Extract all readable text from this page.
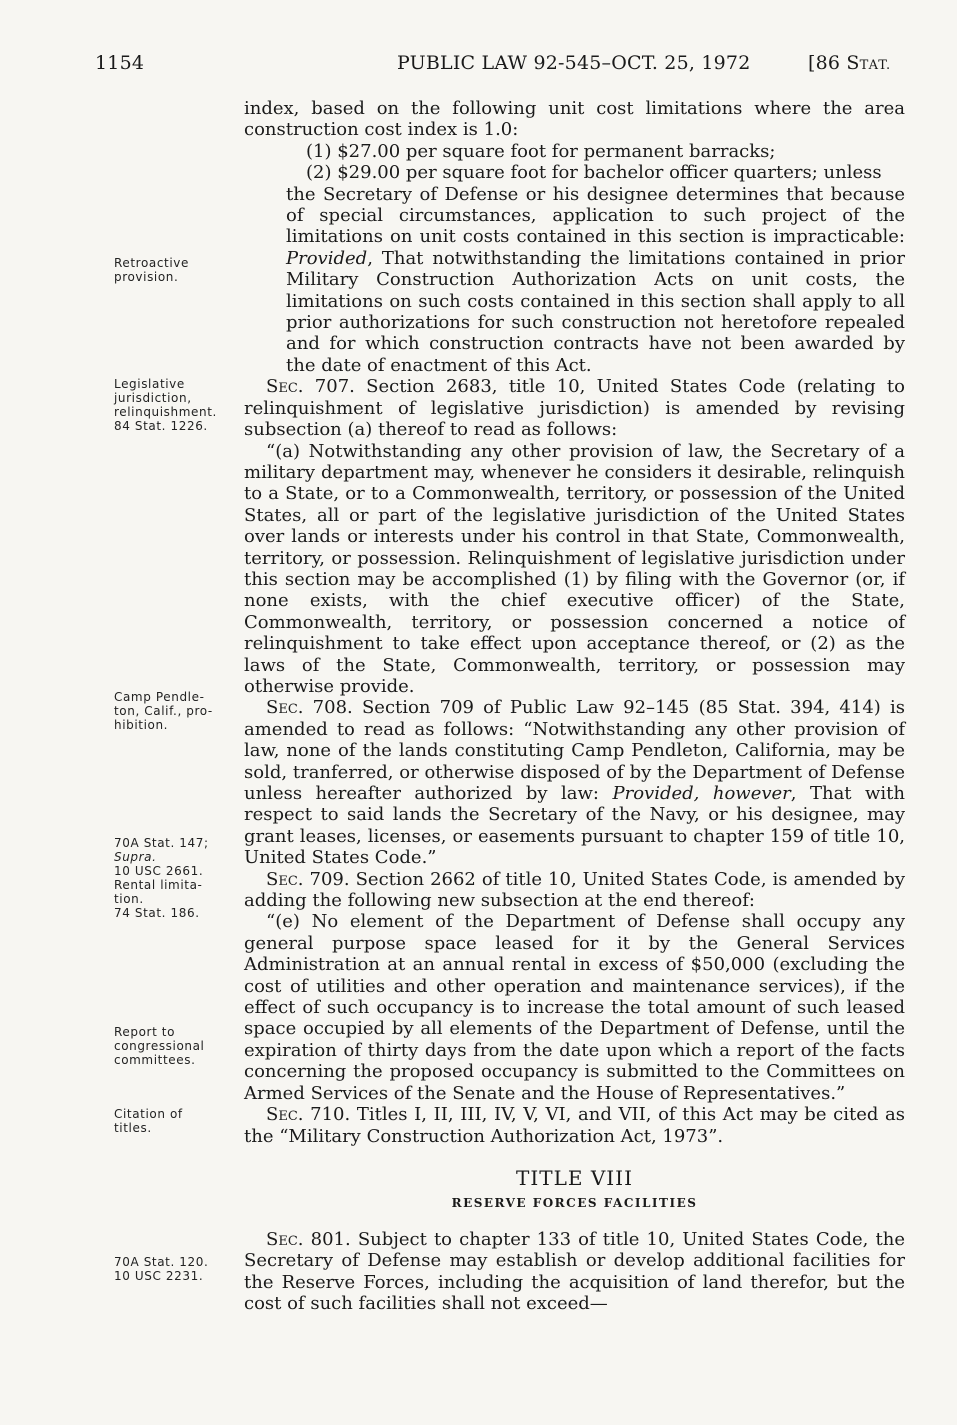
1154	PUBLIC LAW 92-545–OCT. 25, 1972	[86 STAT.
Retroactive
provision.
Legislative
jurisdiction,
relinquishment.
84 Stat. 1226.
Camp Pendle-
ton, Calif., pro-
hibition.
70A Stat. 147;
Supra.
10 USC 2661.
Rental limita-
tion.
74 Stat. 186.
Report to
congressional
committees.
Citation of
titles.
70A Stat. 120.
10 USC 2231.

index, based on the following unit cost limitations where the area construction cost index is 1.0:

(1) $27.00 per square foot for permanent barracks;

(2) $29.00 per square foot for bachelor officer quarters; unless

the Secretary of Defense or his designee determines that because of special circumstances, application to such project of the limitations on unit costs contained in this section is impracticable: Provided, That notwithstanding the limitations contained in prior Military Construction Authorization Acts on unit costs, the limitations on such costs contained in this section shall apply to all prior authorizations for such construction not heretofore repealed and for which construction contracts have not been awarded by the date of enactment of this Act.

Sec. 707. Section 2683, title 10, United States Code (relating to relinquishment of legislative jurisdiction) is amended by revising subsection (a) thereof to read as follows:

“(a) Notwithstanding any other provision of law, the Secretary of a military department may, whenever he considers it desirable, relinquish to a State, or to a Commonwealth, territory, or possession of the United States, all or part of the legislative jurisdiction of the United States over lands or interests under his control in that State, Commonwealth, territory, or possession. Relinquishment of legislative jurisdiction under this section may be accomplished (1) by filing with the Governor (or, if none exists, with the chief executive officer) of the State, Commonwealth, territory, or possession concerned a notice of relinquishment to take effect upon acceptance thereof, or (2) as the laws of the State, Commonwealth, territory, or possession may otherwise provide.

Sec. 708. Section 709 of Public Law 92–145 (85 Stat. 394, 414) is amended to read as follows: “Notwithstanding any other provision of law, none of the lands constituting Camp Pendleton, California, may be sold, tranferred, or otherwise disposed of by the Department of Defense unless hereafter authorized by law: Provided, however, That with respect to said lands the Secretary of the Navy, or his designee, may grant leases, licenses, or easements pursuant to chapter 159 of title 10, United States Code.”

Sec. 709. Section 2662 of title 10, United States Code, is amended by adding the following new subsection at the end thereof:

“(e) No element of the Department of Defense shall occupy any general purpose space leased for it by the General Services Administration at an annual rental in excess of $50,000 (excluding the cost of utilities and other operation and maintenance services), if the effect of such occupancy is to increase the total amount of such leased space occupied by all elements of the Department of Defense, until the expiration of thirty days from the date upon which a report of the facts concerning the proposed occupancy is submitted to the Committees on Armed Services of the Senate and the House of Representatives.”

Sec. 710. Titles I, II, III, IV, V, VI, and VII, of this Act may be cited as the “Military Construction Authorization Act, 1973”.

TITLE VIII
RESERVE FORCES FACILITIES

Sec. 801. Subject to chapter 133 of title 10, United States Code, the Secretary of Defense may establish or develop additional facilities for the Reserve Forces, including the acquisition of land therefor, but the cost of such facilities shall not exceed—
